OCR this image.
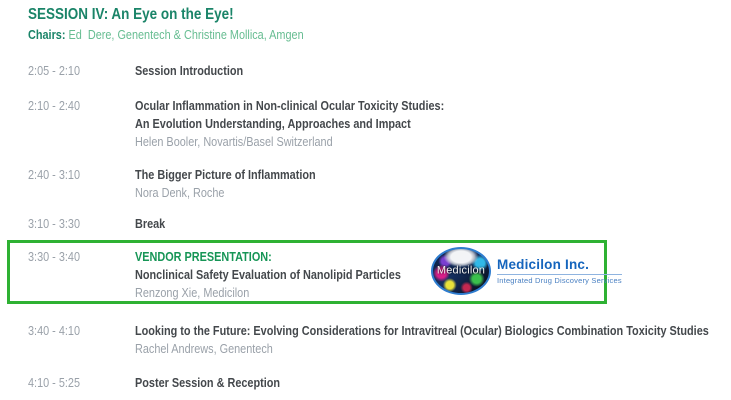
SESSION IV: An Eye on the Eye!
Chairs: Ed  Dere, Genentech & Christine Mollica, Amgen
2:05 - 2:10	Session Introduction
2:10 - 2:40	Ocular Inflammation in Non-clinical Ocular Toxicity Studies:
An Evolution Understanding, Approaches and Impact
Helen Booler, Novartis/Basel Switzerland
2:40 - 3:10	The Bigger Picture of Inflammation
Nora Denk, Roche
3:10 - 3:30	Break
3:30 - 3:40	VENDOR PRESENTATION:
Nonclinical Safety Evaluation of Nanolipid Particles
Renzong Xie, Medicilon
Medicilon Medicilon Inc.
Integrated Drug Discovery Services
3:40 - 4:10	Looking to the Future: Evolving Considerations for Intravitreal (Ocular) Biologics Combination Toxicity Studies
Rachel Andrews, Genentech
4:10 - 5:25	Poster Session & Reception
